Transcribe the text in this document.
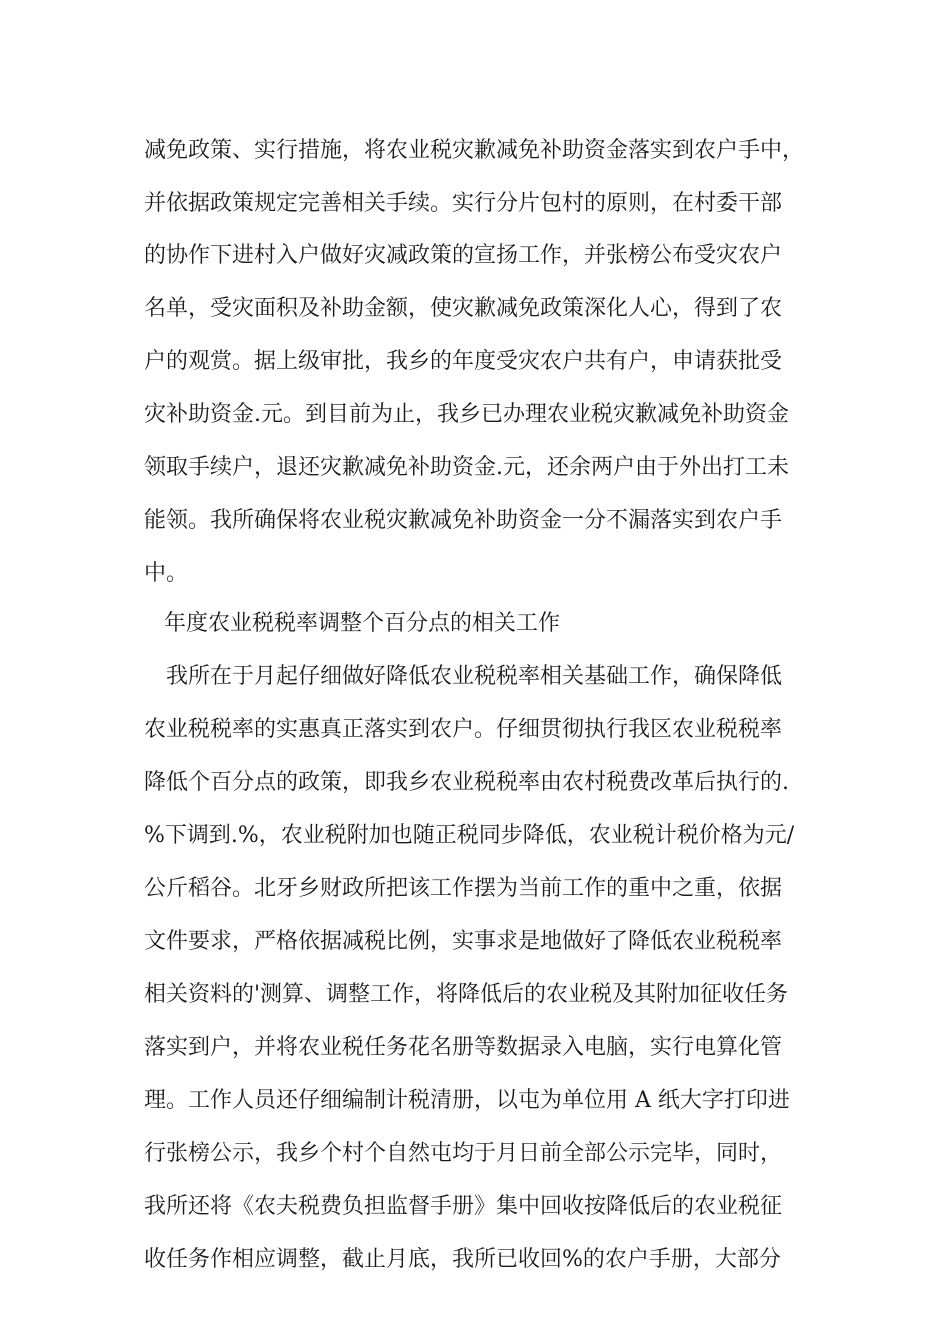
减免政策、实行措施，将农业税灾歉减免补助资金落实到农户手中，
并依据政策规定完善相关手续。实行分片包村的原则，在村委干部
的协作下进村入户做好灾减政策的宣扬工作，并张榜公布受灾农户
名单，受灾面积及补助金额，使灾歉减免政策深化人心，得到了农
户的观赏。据上级审批，我乡的年度受灾农户共有户，申请获批受
灾补助资金.元。到目前为止，我乡已办理农业税灾歉减免补助资金
领取手续户，退还灾歉减免补助资金.元，还余两户由于外出打工未
能领。我所确保将农业税灾歉减免补助资金一分不漏落实到农户手
中。
年度农业税税率调整个百分点的相关工作
我所在于月起仔细做好降低农业税税率相关基础工作，确保降低
农业税税率的实惠真正落实到农户。仔细贯彻执行我区农业税税率
降低个百分点的政策，即我乡农业税税率由农村税费改革后执行的.
%下调到.%，农业税附加也随正税同步降低，农业税计税价格为元/
公斤稻谷。北牙乡财政所把该工作摆为当前工作的重中之重，依据
文件要求，严格依据减税比例，实事求是地做好了降低农业税税率
相关资料的'测算、调整工作，将降低后的农业税及其附加征收任务
落实到户，并将农业税任务花名册等数据录入电脑，实行电算化管
理。工作人员还仔细编制计税清册，以屯为单位用 A 纸大字打印进
行张榜公示，我乡个村个自然屯均于月日前全部公示完毕，同时，
我所还将《农夫税费负担监督手册》集中回收按降低后的农业税征
收任务作相应调整，截止月底，我所已收回%的农户手册，大部分
